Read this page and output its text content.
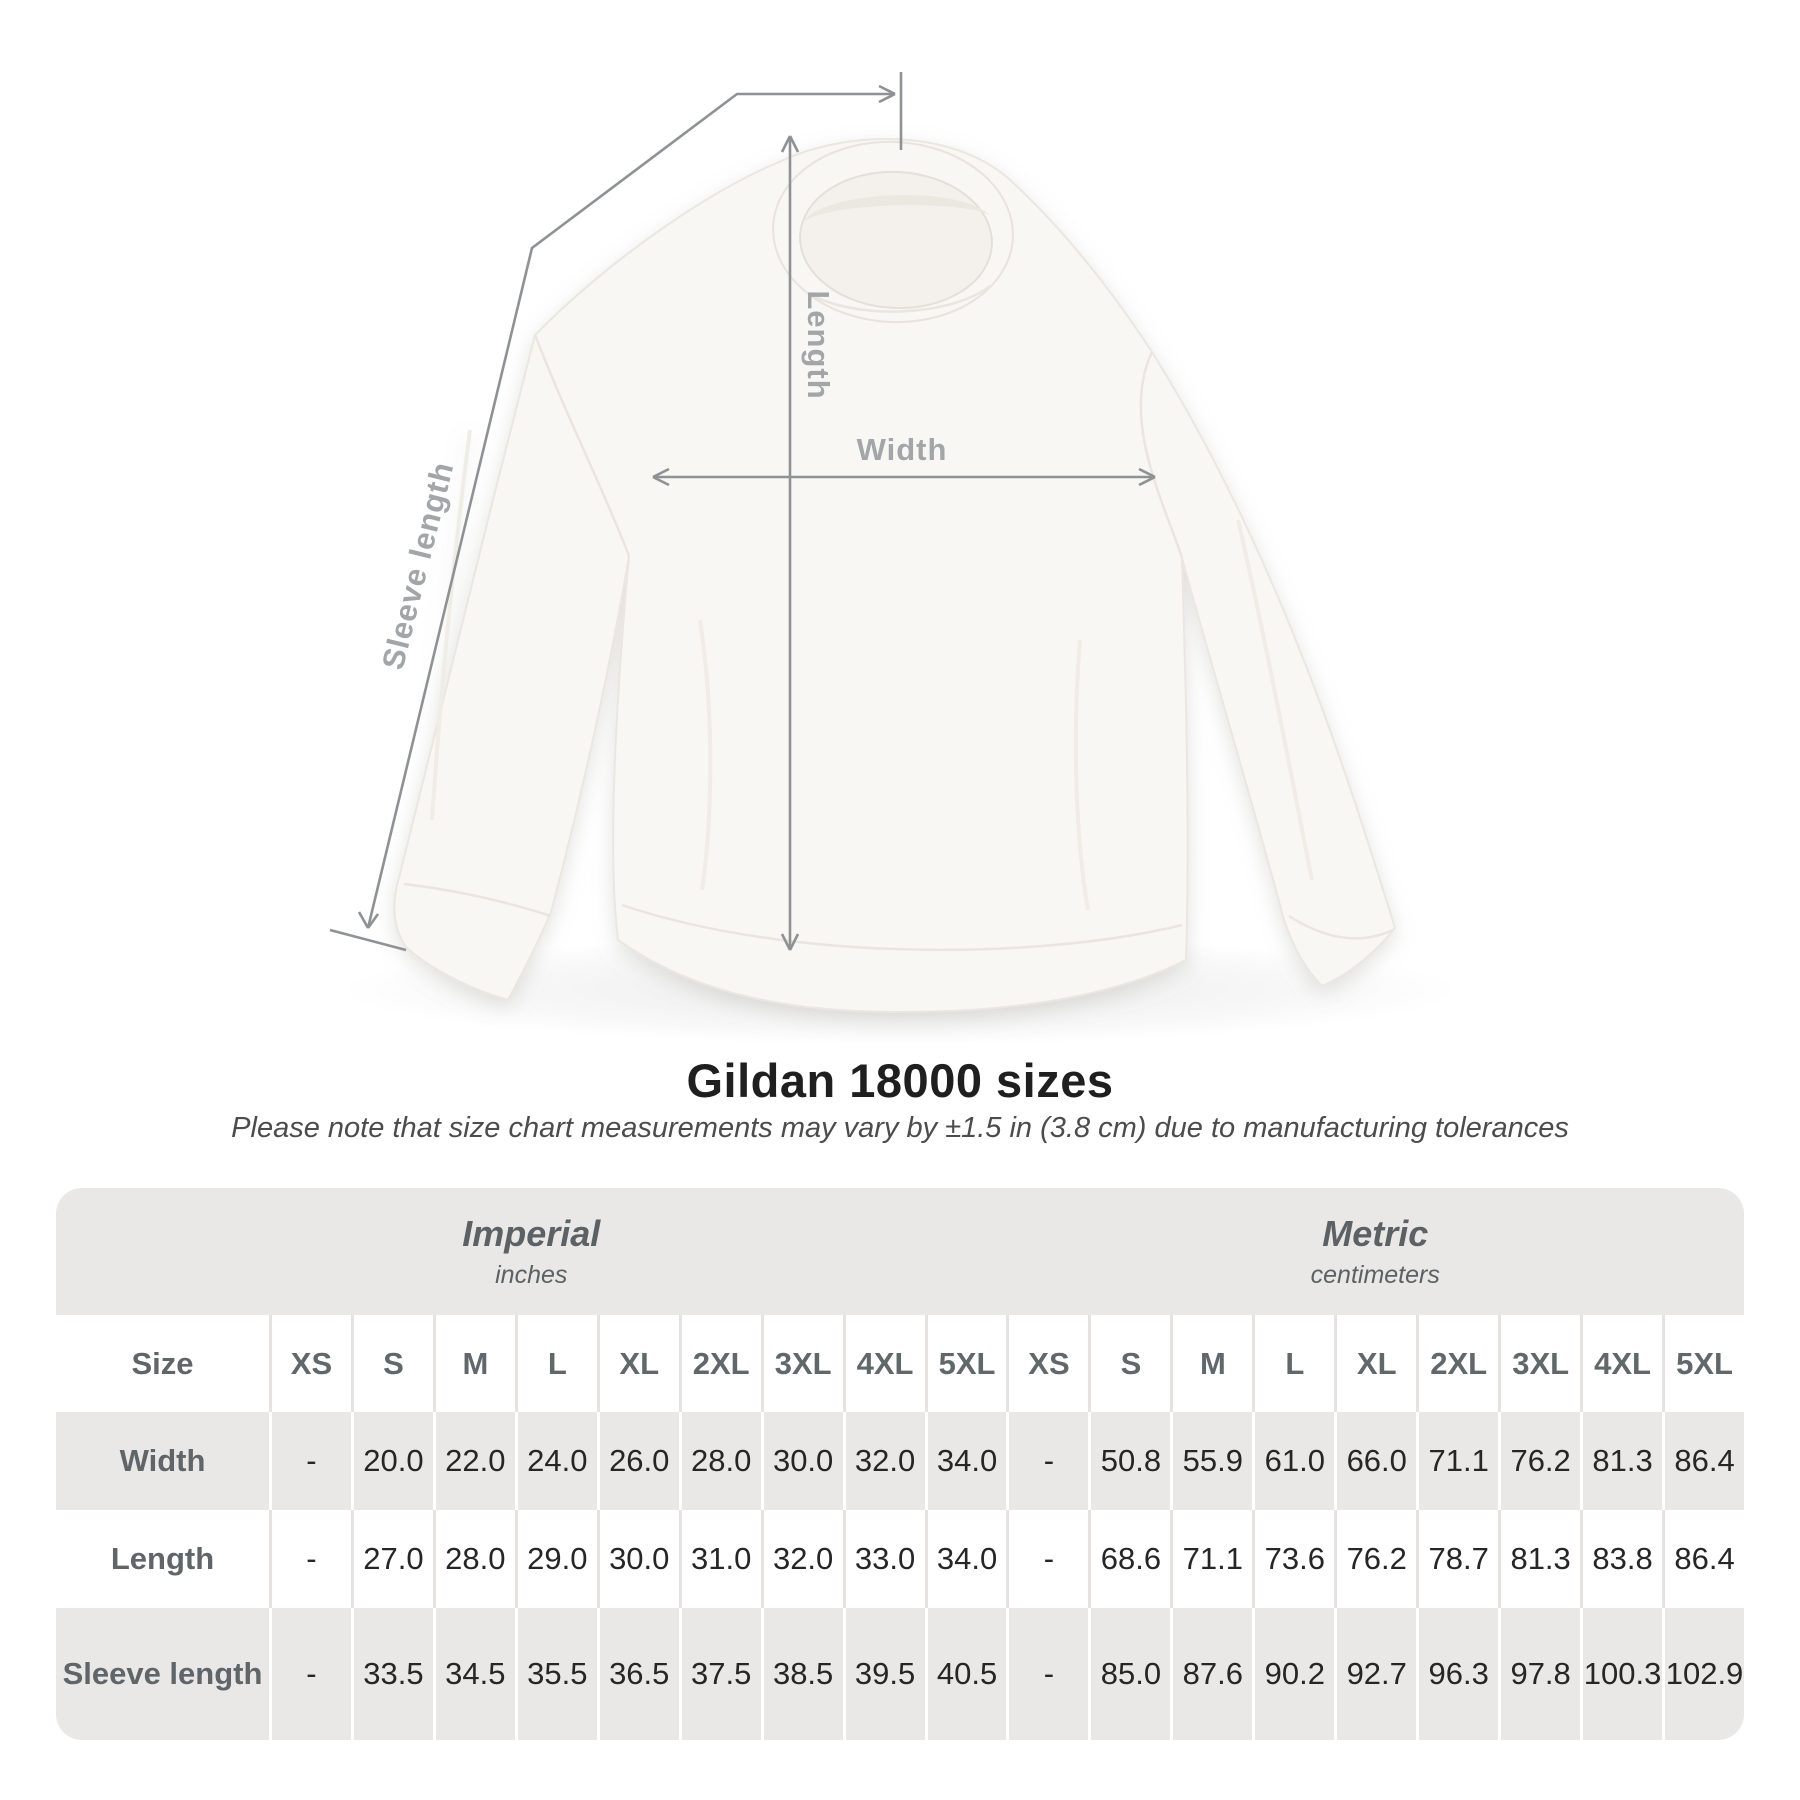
Length
Width
Sleeve length
Gildan 18000 sizes
Please note that size chart measurements may vary by ±1.5 in (3.8 cm) due to manufacturing tolerances
Imperial
inches
Metric
centimeters
Size	XS	S	M	L	XL	2XL 3XL 4XL 5XL	XS	S	M	L	XL	2XL 3XL 4XL 5XL
Width	-	20.0 22.0 24.0 26.0 28.0 30.0 32.0 34.0	-	50.8 55.9 61.0 66.0 71.1 76.2 81.3 86.4
Length	-	27.0 28.0 29.0 30.0 31.0 32.0 33.0 34.0	-	68.6 71.1 73.6 76.2 78.7 81.3 83.8 86.4
Sleeve length	-	33.5 34.5 35.5 36.5 37.5 38.5 39.5 40.5	-	85.0 87.6 90.2 92.7 96.3 97.8 100.3 102.9
